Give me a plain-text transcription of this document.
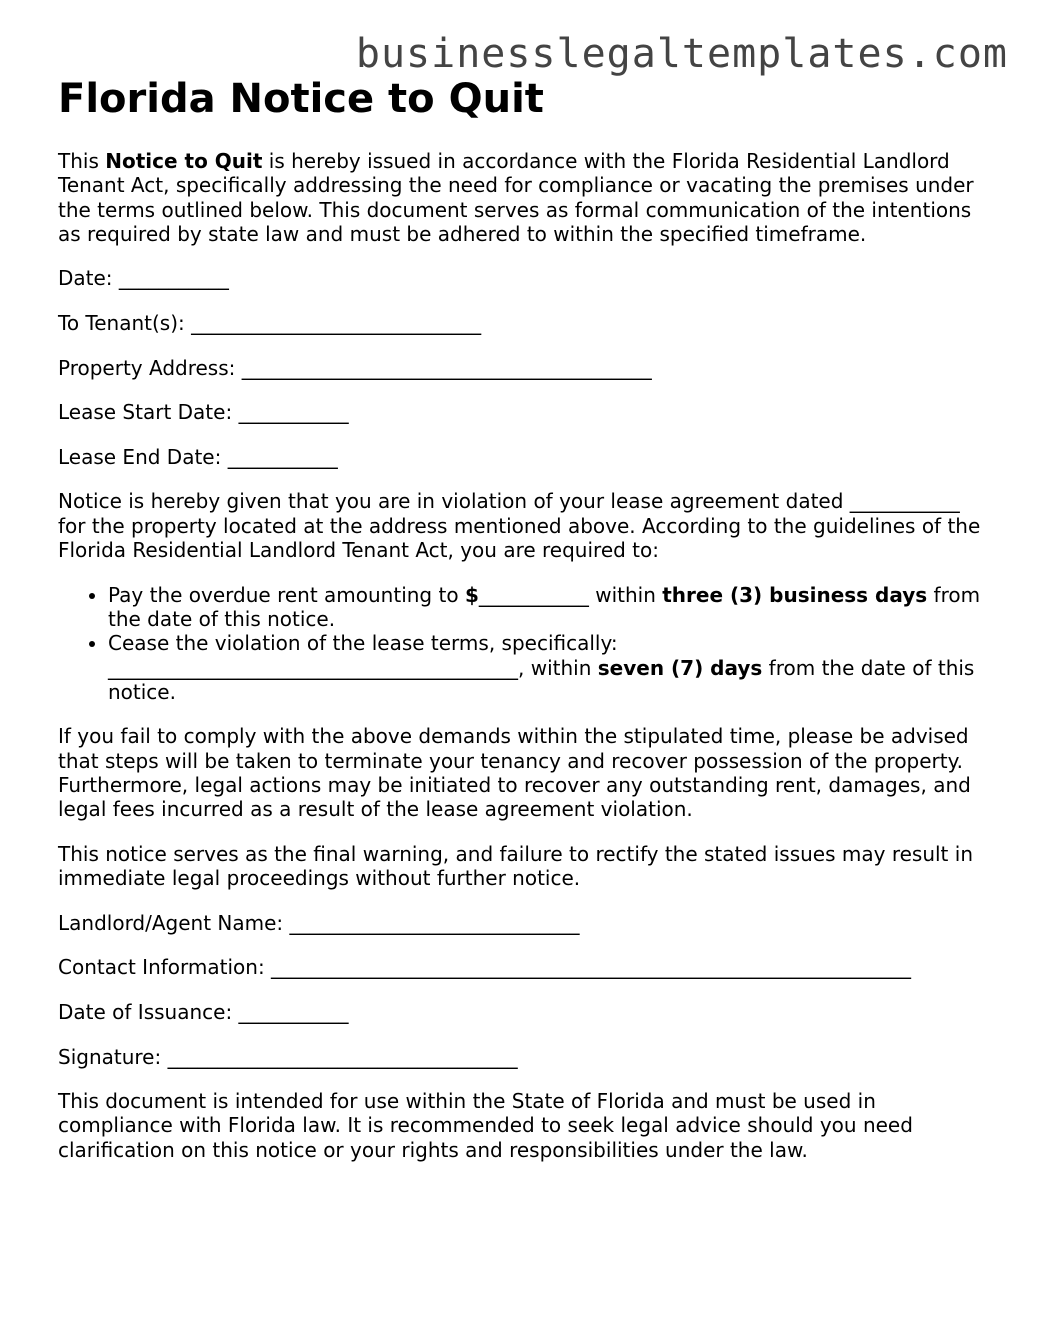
businesslegaltemplates.com
Florida Notice to Quit

This Notice to Quit is hereby issued in accordance with the Florida Residential Landlord Tenant Act, specifically addressing the need for compliance or vacating the premises under the terms outlined below. This document serves as formal communication of the intentions as required by state law and must be adhered to within the specified timeframe.

Date: ___________

To Tenant(s): _____________________________

Property Address: _________________________________________

Lease Start Date: ___________

Lease End Date: ___________

Notice is hereby given that you are in violation of your lease agreement dated ___________ for the property located at the address mentioned above. According to the guidelines of the Florida Residential Landlord Tenant Act, you are required to:

• Pay the overdue rent amounting to $___________ within three (3) business days from the date of this notice.
• Cease the violation of the lease terms, specifically: _________________________________________, within seven (7) days from the date of this notice.

If you fail to comply with the above demands within the stipulated time, please be advised that steps will be taken to terminate your tenancy and recover possession of the property. Furthermore, legal actions may be initiated to recover any outstanding rent, damages, and legal fees incurred as a result of the lease agreement violation.

This notice serves as the final warning, and failure to rectify the stated issues may result in immediate legal proceedings without further notice.

Landlord/Agent Name: _____________________________

Contact Information: ________________________________________________________________

Date of Issuance: ___________

Signature: ___________________________________

This document is intended for use within the State of Florida and must be used in compliance with Florida law. It is recommended to seek legal advice should you need clarification on this notice or your rights and responsibilities under the law.
